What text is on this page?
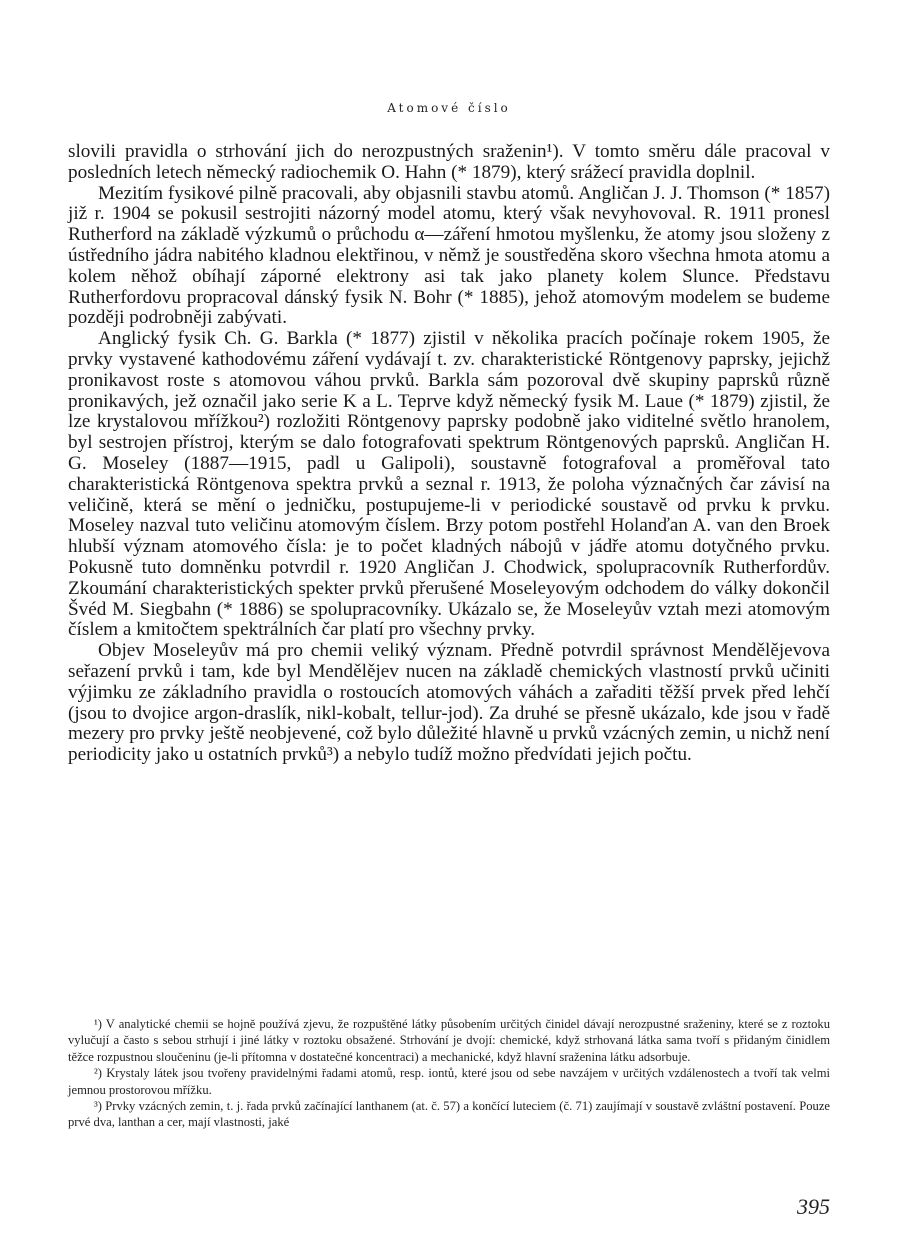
Atomové číslo

slovili pravidla o strhování jich do nerozpustných sraženin¹). V tomto směru dále pracoval v posledních letech německý radiochemik O. Hahn (* 1879), který srážecí pravidla doplnil.

Mezitím fysikové pilně pracovali, aby objasnili stavbu atomů. Angličan J. J. Thomson (* 1857) již r. 1904 se pokusil sestrojiti názorný model atomu, který však nevyhovoval. R. 1911 pronesl Rutherford na základě výzkumů o průchodu α—záření hmotou myšlenku, že atomy jsou složeny z ústředního jádra nabitého kladnou elektřinou, v němž je soustředěna skoro všechna hmota atomu a kolem něhož obíhají záporné elektrony asi tak jako planety kolem Slunce. Představu Rutherfordovu propracoval dánský fysik N. Bohr (* 1885), jehož atomovým modelem se budeme později podrobněji zabývati.

Anglický fysik Ch. G. Barkla (* 1877) zjistil v několika pracích počínaje rokem 1905, že prvky vystavené kathodovému záření vydávají t. zv. charakteristické Röntgenovy paprsky, jejichž pronikavost roste s atomovou váhou prvků. Barkla sám pozoroval dvě skupiny paprsků různě pronikavých, jež označil jako serie K a L. Teprve když německý fysik M. Laue (* 1879) zjistil, že lze krystalovou mřížkou²) rozložiti Röntgenovy paprsky podobně jako viditelné světlo hranolem, byl sestrojen přístroj, kterým se dalo fotografovati spektrum Röntgenových paprsků. Angličan H. G. Moseley (1887—1915, padl u Galipoli), soustavně fotografoval a proměřoval tato charakteristická Röntgenova spektra prvků a seznal r. 1913, že poloha význačných čar závisí na veličině, která se mění o jedničku, postupujeme-li v periodické soustavě od prvku k prvku. Moseley nazval tuto veličinu atomovým číslem. Brzy potom postřehl Holanďan A. van den Broek hlubší význam atomového čísla: je to počet kladných nábojů v jádře atomu dotyčného prvku. Pokusně tuto domněnku potvrdil r. 1920 Angličan J. Chodwick, spolupracovník Rutherfordův. Zkoumání charakteristických spekter prvků přerušené Moseleyovým odchodem do války dokončil Švéd M. Siegbahn (* 1886) se spolupracovníky. Ukázalo se, že Moseleyův vztah mezi atomovým číslem a kmitočtem spektrálních čar platí pro všechny prvky.

Objev Moseleyův má pro chemii veliký význam. Předně potvrdil správnost Mendělějevova seřazení prvků i tam, kde byl Mendělějev nucen na základě chemických vlastností prvků učiniti výjimku ze základního pravidla o rostoucích atomových váhách a zařaditi těžší prvek před lehčí (jsou to dvojice argon-draslík, nikl-kobalt, tellur-jod). Za druhé se přesně ukázalo, kde jsou v řadě mezery pro prvky ještě neobjevené, což bylo důležité hlavně u prvků vzácných zemin, u nichž není periodicity jako u ostatních prvků³) a nebylo tudíž možno předvídati jejich počtu.

¹) V analytické chemii se hojně používá zjevu, že rozpuštěné látky působením určitých činidel dávají nerozpustné sraženiny, které se z roztoku vylučují a často s sebou strhují i jiné látky v roztoku obsažené. Strhování je dvojí: chemické, když strhovaná látka sama tvoří s přidaným činidlem těžce rozpustnou sloučeninu (je-li přítomna v dostatečné koncentraci) a mechanické, když hlavní sraženina látku adsorbuje.

²) Krystaly látek jsou tvořeny pravidelnými řadami atomů, resp. iontů, které jsou od sebe navzájem v určitých vzdálenostech a tvoří tak velmi jemnou prostorovou mřížku.

³) Prvky vzácných zemin, t. j. řada prvků začínající lanthanem (at. č. 57) a končící luteciem (č. 71) zaujímají v soustavě zvláštní postavení. Pouze prvé dva, lanthan a cer, mají vlastnosti, jaké

395
